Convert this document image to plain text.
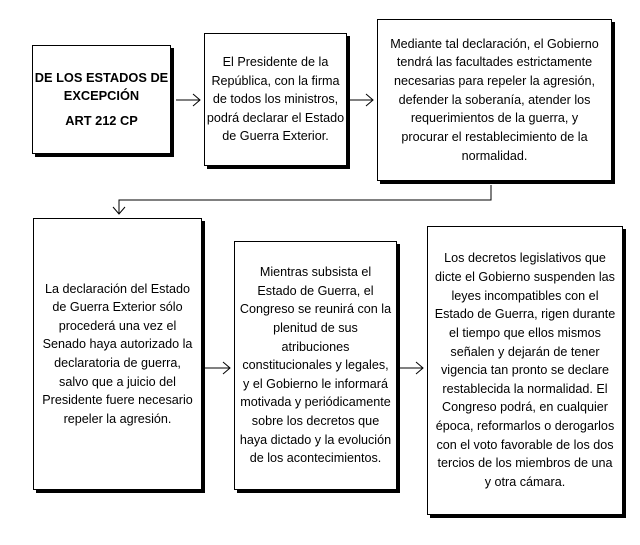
DE LOS ESTADOS DE EXCEPCIÓN
ART 212 CP

El Presidente de la República, con la firma de todos los ministros, podrá declarar el Estado de Guerra Exterior.

Mediante tal declaración, el Gobierno tendrá las facultades estrictamente necesarias para repeler la agresión, defender la soberanía, atender los requerimientos de la guerra, y procurar el restablecimiento de la normalidad.

La declaración del Estado de Guerra Exterior sólo procederá una vez el Senado haya autorizado la declaratoria de guerra, salvo que a juicio del Presidente fuere necesario repeler la agresión.

Mientras subsista el Estado de Guerra, el Congreso se reunirá con la plenitud de sus atribuciones constitucionales y legales, y el Gobierno le informará motivada y periódicamente sobre los decretos que haya dictado y la evolución de los acontecimientos.

Los decretos legislativos que dicte el Gobierno suspenden las leyes incompatibles con el Estado de Guerra, rigen durante el tiempo que ellos mismos señalen y dejarán de tener vigencia tan pronto se declare restablecida la normalidad. El Congreso podrá, en cualquier época, reformarlos o derogarlos con el voto favorable de los dos tercios de los miembros de una y otra cámara.
